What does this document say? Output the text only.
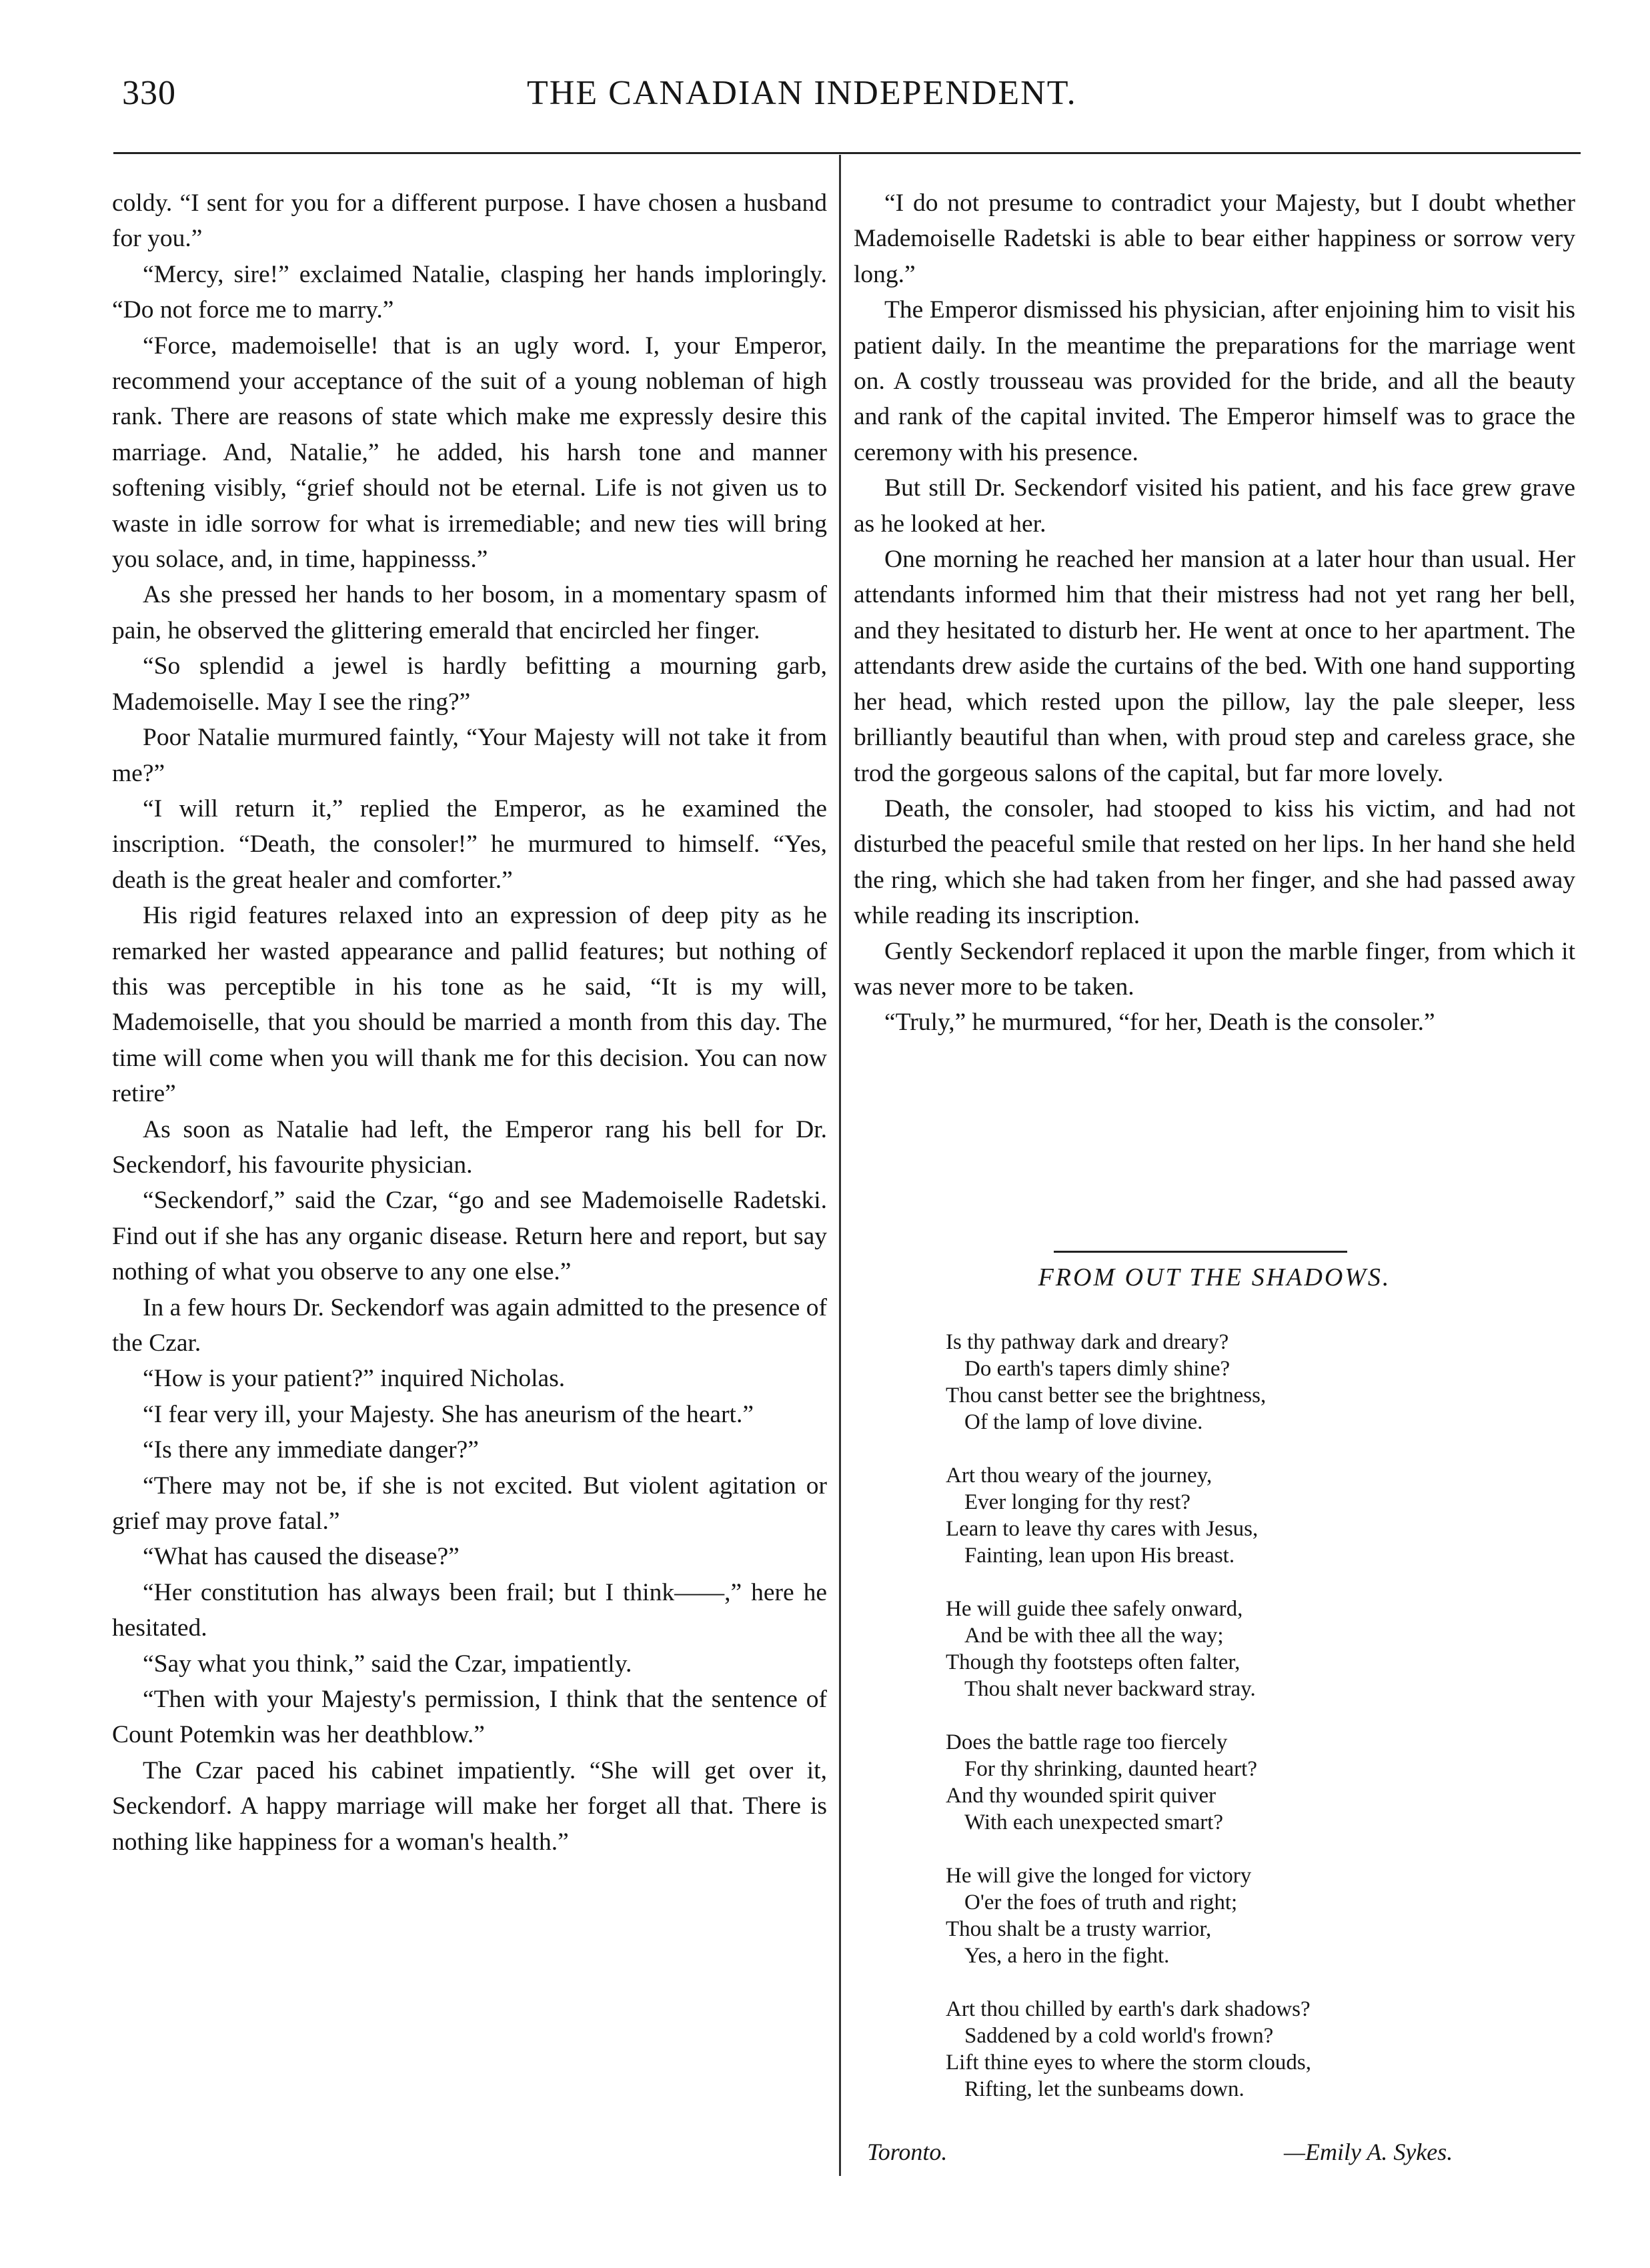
330	THE CANADIAN INDEPENDENT.

coldy. “I sent for you for a different purpose. I have chosen a husband for you.”

“Mercy, sire!” exclaimed Natalie, clasping her hands imploringly. “Do not force me to marry.”

“Force, mademoiselle! that is an ugly word. I, your Emperor, recommend your acceptance of the suit of a young nobleman of high rank. There are reasons of state which make me expressly desire this marriage. And, Natalie,” he added, his harsh tone and manner softening visibly, “grief should not be eternal. Life is not given us to waste in idle sorrow for what is irremediable; and new ties will bring you solace, and, in time, happinesss.”

As she pressed her hands to her bosom, in a momentary spasm of pain, he observed the glittering emerald that encircled her finger.

“So splendid a jewel is hardly befitting a mourning garb, Mademoiselle. May I see the ring?”

Poor Natalie murmured faintly, “Your Majesty will not take it from me?”

“I will return it,” replied the Emperor, as he examined the inscription. “Death, the consoler!” he murmured to himself. “Yes, death is the great healer and comforter.”

His rigid features relaxed into an expression of deep pity as he remarked her wasted appearance and pallid features; but nothing of this was perceptible in his tone as he said, “It is my will, Mademoiselle, that you should be married a month from this day. The time will come when you will thank me for this decision. You can now retire”

As soon as Natalie had left, the Emperor rang his bell for Dr. Seckendorf, his favourite physician.

“Seckendorf,” said the Czar, “go and see Mademoiselle Radetski. Find out if she has any organic disease. Return here and report, but say nothing of what you observe to any one else.”

In a few hours Dr. Seckendorf was again admitted to the presence of the Czar.

“How is your patient?” inquired Nicholas.

“I fear very ill, your Majesty. She has aneurism of the heart.”

“Is there any immediate danger?”

“There may not be, if she is not excited. But violent agitation or grief may prove fatal.”

“What has caused the disease?”

“Her constitution has always been frail; but I think——,” here he hesitated.

“Say what you think,” said the Czar, impatiently.

“Then with your Majesty's permission, I think that the sentence of Count Potemkin was her deathblow.”

The Czar paced his cabinet impatiently. “She will get over it, Seckendorf. A happy marriage will make her forget all that. There is nothing like happiness for a woman's health.”

“I do not presume to contradict your Majesty, but I doubt whether Mademoiselle Radetski is able to bear either happiness or sorrow very long.”

The Emperor dismissed his physician, after enjoining him to visit his patient daily. In the meantime the preparations for the marriage went on. A costly trousseau was provided for the bride, and all the beauty and rank of the capital invited. The Emperor himself was to grace the ceremony with his presence.

But still Dr. Seckendorf visited his patient, and his face grew grave as he looked at her.

One morning he reached her mansion at a later hour than usual. Her attendants informed him that their mistress had not yet rang her bell, and they hesitated to disturb her. He went at once to her apartment. The attendants drew aside the curtains of the bed. With one hand supporting her head, which rested upon the pillow, lay the pale sleeper, less brilliantly beautiful than when, with proud step and careless grace, she trod the gorgeous salons of the capital, but far more lovely.

Death, the consoler, had stooped to kiss his victim, and had not disturbed the peaceful smile that rested on her lips. In her hand she held the ring, which she had taken from her finger, and she had passed away while reading its inscription.

Gently Seckendorf replaced it upon the marble finger, from which it was never more to be taken.

“Truly,” he murmured, “for her, Death is the consoler.”

FROM OUT THE SHADOWS.
Is thy pathway dark and dreary?
Do earth's tapers dimly shine?
Thou canst better see the brightness,
Of the lamp of love divine.
Art thou weary of the journey,
Ever longing for thy rest?
Learn to leave thy cares with Jesus,
Fainting, lean upon His breast.
He will guide thee safely onward,
And be with thee all the way;
Though thy footsteps often falter,
Thou shalt never backward stray.
Does the battle rage too fiercely
For thy shrinking, daunted heart?
And thy wounded spirit quiver
With each unexpected smart?
He will give the longed for victory
O'er the foes of truth and right;
Thou shalt be a trusty warrior,
Yes, a hero in the fight.
Art thou chilled by earth's dark shadows?
Saddened by a cold world's frown?
Lift thine eyes to where the storm clouds,
Rifting, let the sunbeams down.
Toronto.	—Emily A. Sykes.
